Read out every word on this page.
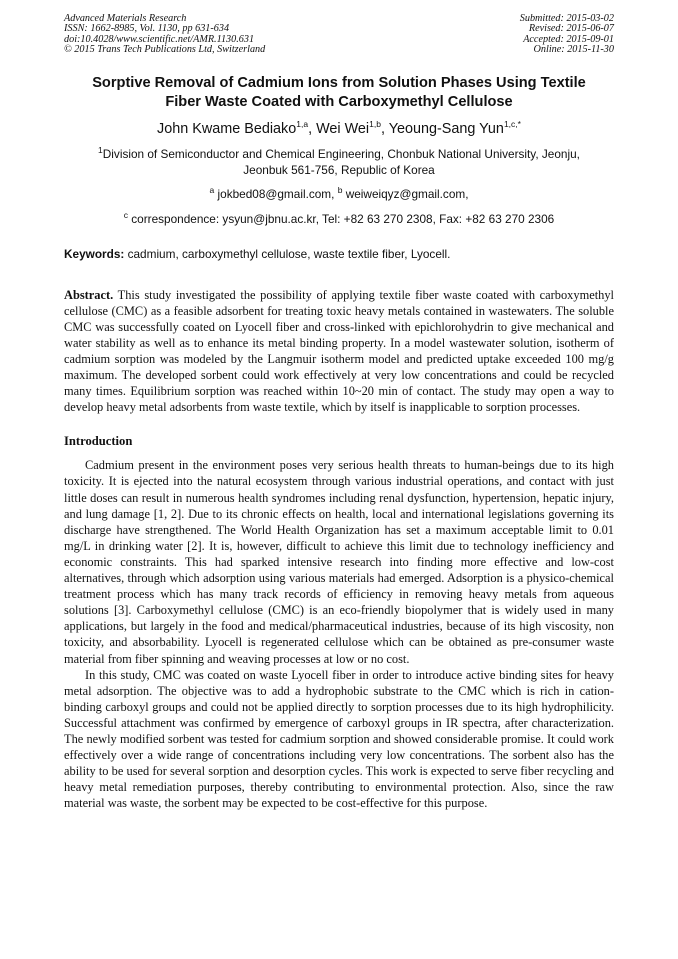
Advanced Materials Research
ISSN: 1662-8985, Vol. 1130, pp 631-634
doi:10.4028/www.scientific.net/AMR.1130.631
© 2015 Trans Tech Publications Ltd, Switzerland
Submitted: 2015-03-02
Revised: 2015-06-07
Accepted: 2015-09-01
Online: 2015-11-30
Sorptive Removal of Cadmium Ions from Solution Phases Using Textile
Fiber Waste Coated with Carboxymethyl Cellulose
John Kwame Bediako$^{1,a}$, Wei Wei$^{1,b}$, Yeoung-Sang Yun$^{1,c,*}$
$^1$Division of Semiconductor and Chemical Engineering, Chonbuk National University, Jeonju,
Jeonbuk 561-756, Republic of Korea
$^a$ jokbed08@gmail.com, $^b$ weiweiqyz@gmail.com,
$^c$ correspondence: ysyun@jbnu.ac.kr, Tel: +82 63 270 2308, Fax: +82 63 270 2306
Keywords: cadmium, carboxymethyl cellulose, waste textile fiber, Lyocell.
Abstract. This study investigated the possibility of applying textile fiber waste coated with carboxymethyl cellulose (CMC) as a feasible adsorbent for treating toxic heavy metals contained in wastewaters. The soluble CMC was successfully coated on Lyocell fiber and cross-linked with epichlorohydrin to give mechanical and water stability as well as to enhance its metal binding property. In a model wastewater solution, isotherm of cadmium sorption was modeled by the Langmuir isotherm model and predicted uptake exceeded 100 mg/g maximum. The developed sorbent could work effectively at very low concentrations and could be recycled many times. Equilibrium sorption was reached within 10~20 min of contact. The study may open a way to develop heavy metal adsorbents from waste textile, which by itself is inapplicable to sorption processes.
Introduction
Cadmium present in the environment poses very serious health threats to human-beings due to its high toxicity. It is ejected into the natural ecosystem through various industrial operations, and contact with just little doses can result in numerous health syndromes including renal dysfunction, hypertension, hepatic injury, and lung damage [1, 2]. Due to its chronic effects on health, local and international legislations governing its discharge have strengthened. The World Health Organization has set a maximum acceptable limit to 0.01 mg/L in drinking water [2]. It is, however, difficult to achieve this limit due to technology inefficiency and economic constraints. This had sparked intensive research into finding more effective and low-cost alternatives, through which adsorption using various materials had emerged. Adsorption is a physico-chemical treatment process which has many track records of efficiency in removing heavy metals from aqueous solutions [3]. Carboxymethyl cellulose (CMC) is an eco-friendly biopolymer that is widely used in many applications, but largely in the food and medical/pharmaceutical industries, because of its high viscosity, non toxicity, and absorbability. Lyocell is regenerated cellulose which can be obtained as pre-consumer waste material from fiber spinning and weaving processes at low or no cost.
In this study, CMC was coated on waste Lyocell fiber in order to introduce active binding sites for heavy metal adsorption. The objective was to add a hydrophobic substrate to the CMC which is rich in cation-binding carboxyl groups and could not be applied directly to sorption processes due to its high hydrophilicity. Successful attachment was confirmed by emergence of carboxyl groups in IR spectra, after characterization. The newly modified sorbent was tested for cadmium sorption and showed considerable promise. It could work effectively over a wide range of concentrations including very low concentrations. The sorbent also has the ability to be used for several sorption and desorption cycles. This work is expected to serve fiber recycling and heavy metal remediation purposes, thereby contributing to environmental protection. Also, since the raw material was waste, the sorbent may be expected to be cost-effective for this purpose.
